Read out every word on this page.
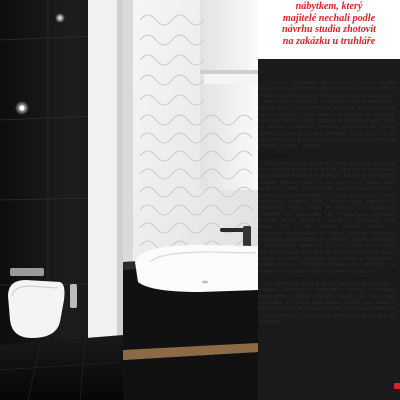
nábytkem, který
majitelé nechali podle
návrhu studia zhotovit
na zakázku u truhláře

Tím ale příjemné zkušenosti s prací studia neskončily. „Kdo stavěl dům, tak ještě ví, že jedním z velkých problémů bývá koordinace jednotlivých prací s dodávkou materiálů a zajišťováním řemeslníků,“ říká majitel. „S koupelnovým studiem šlo vše všechno jako po másle. I když došlo k problému, že původně zvolenou dlažbu velký výrobce schopen dočasně včas, ve studiu operativně sehnali podobnou od jiného výrobce, který byla navíc levnější. Když bylo i to, že nás pravidelně kontaktovali a zjišťovali, jestli všechno probíhá jak má,“ dodává.

TŘI ZÓNY

Přestože plocha koupelny není rozlehlá, podařilo se ji rozdělit do tří částí tak, že jsou klozet a sprchový kout oddělené skrytý za příčkou. Klozet je schovaný v zadním prostoru tak, že na něj není z žádné části koupelny vidět. Na předělu jsou na široké skříňce umístěné dvě umyvadla. Ve studiu si majitelé vybrali elegantní modely Flux, které mají upravitelné odtokovou šířku, takže se nemusí nic napojovat. „Navrhli mi upozornili, že v takovém umyvadle nebudu moct přepírat ponožky,“ vzpomíná paní domu. „Ale to mě opravdu nevadí,“ směje se. Napoustí umyvadlům je vana. Polyvan vybavená hydromasážními systémem, který si rodina oblíbila už v předchozím domově. U nové vany ale ocenili krosmé elegantního vzhledu a příčně ceny i zachránil nějaká vyplnutí způsoba napouštění a vypouštění. Stejně tak si pochvalují klozet, ke kterému na doporučení studia pořídili toaletový sedátko.

Na závěrech a na podlaze jsou lesklé obklady a dlažba. Kontrastní formobilé řešení osvětlující dekorativní zvlněné obklady použitý na stěně nad umyvadly a v nice nad vanou. Stejně jak majitelé nadchlo estetické řešení návrhu, jsou také spokojeni s jeho realizací, u které nyní mohou ocenit i praktické vlastnosti.
